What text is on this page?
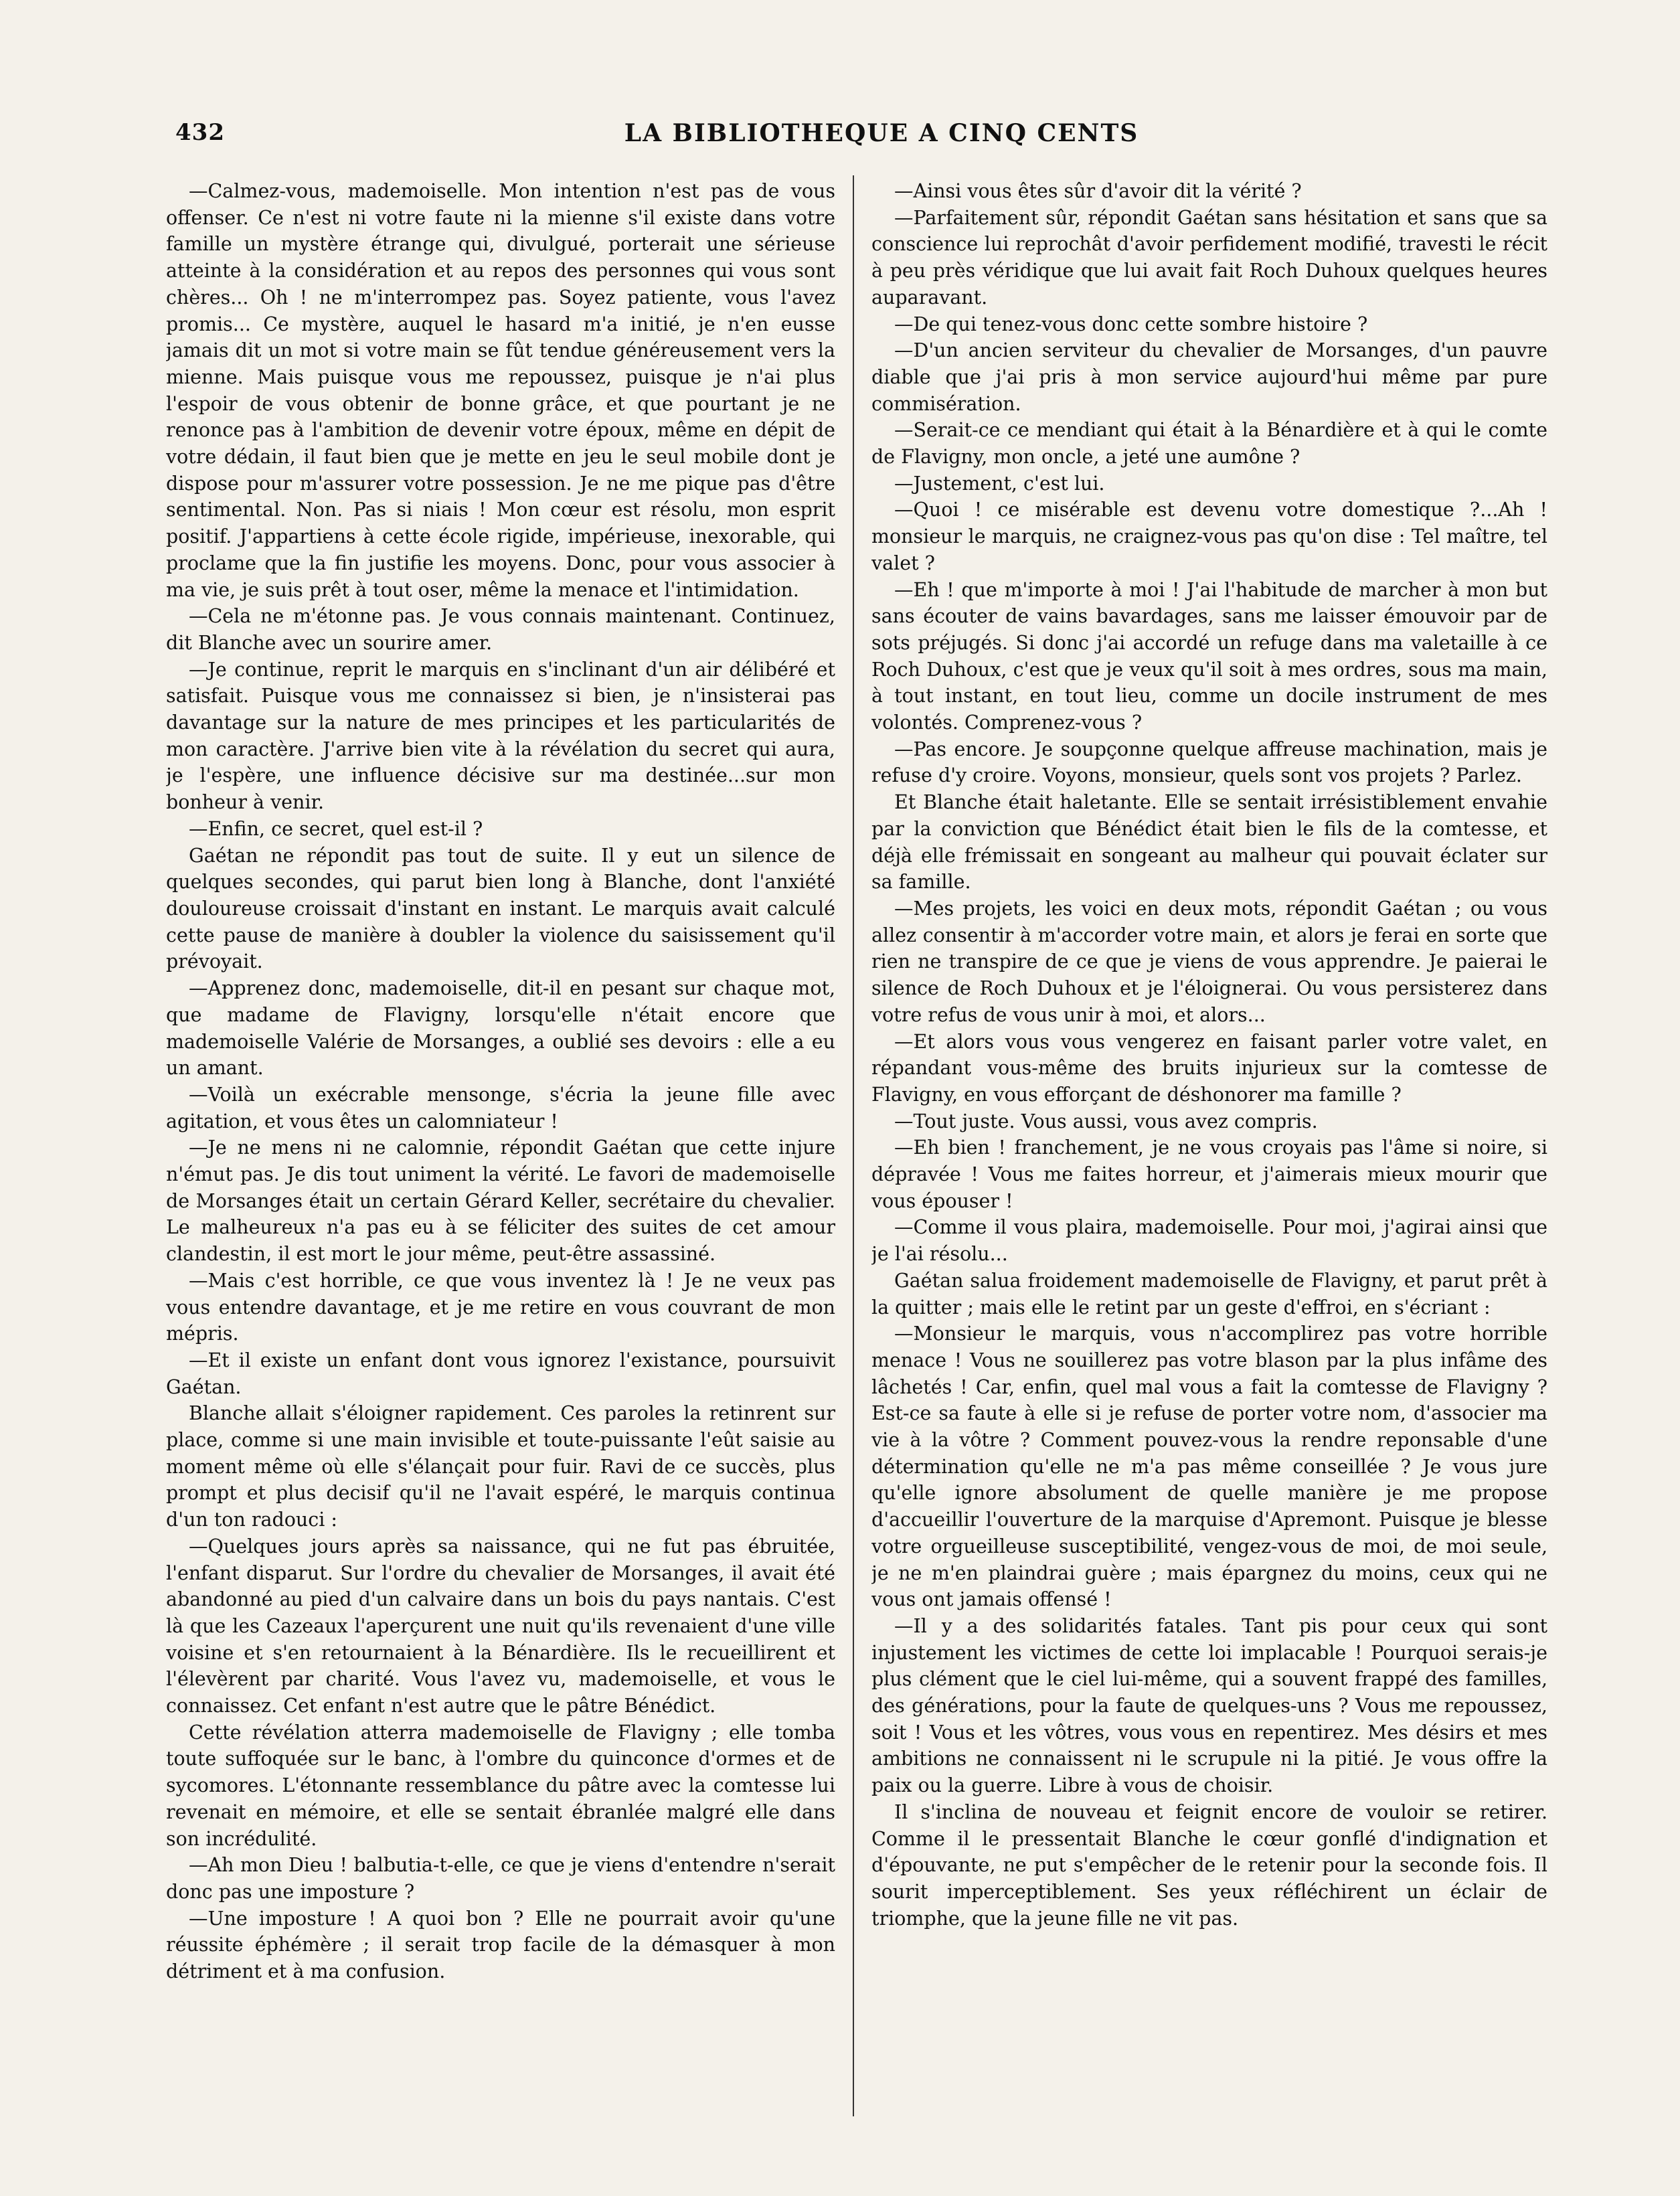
432	LA BIBLIOTHEQUE A CINQ CENTS

—Calmez-vous, mademoiselle. Mon intention n'est pas de vous offenser. Ce n'est ni votre faute ni la mienne s'il existe dans votre famille un mystère étrange qui, divulgué, porterait une sérieuse atteinte à la considération et au repos des personnes qui vous sont chères... Oh ! ne m'interrompez pas. Soyez patiente, vous l'avez promis... Ce mystère, auquel le hasard m'a initié, je n'en eusse jamais dit un mot si votre main se fût tendue généreusement vers la mienne. Mais puisque vous me repoussez, puisque je n'ai plus l'espoir de vous obtenir de bonne grâce, et que pourtant je ne renonce pas à l'ambition de devenir votre époux, même en dépit de votre dédain, il faut bien que je mette en jeu le seul mobile dont je dispose pour m'assurer votre possession. Je ne me pique pas d'être sentimental. Non. Pas si niais ! Mon cœur est résolu, mon esprit positif. J'appartiens à cette école rigide, impérieuse, inexorable, qui proclame que la fin justifie les moyens. Donc, pour vous associer à ma vie, je suis prêt à tout oser, même la menace et l'intimidation.

—Cela ne m'étonne pas. Je vous connais maintenant. Continuez, dit Blanche avec un sourire amer.

—Je continue, reprit le marquis en s'inclinant d'un air délibéré et satisfait. Puisque vous me connaissez si bien, je n'insisterai pas davantage sur la nature de mes principes et les particularités de mon caractère. J'arrive bien vite à la révélation du secret qui aura, je l'espère, une influence décisive sur ma destinée...sur mon bonheur à venir.

—Enfin, ce secret, quel est-il ?

Gaétan ne répondit pas tout de suite. Il y eut un silence de quelques secondes, qui parut bien long à Blanche, dont l'anxiété douloureuse croissait d'instant en instant. Le marquis avait calculé cette pause de manière à doubler la violence du saisissement qu'il prévoyait.

—Apprenez donc, mademoiselle, dit-il en pesant sur chaque mot, que madame de Flavigny, lorsqu'elle n'était encore que mademoiselle Valérie de Morsanges, a oublié ses devoirs : elle a eu un amant.

—Voilà un exécrable mensonge, s'écria la jeune fille avec agitation, et vous êtes un calomniateur !

—Je ne mens ni ne calomnie, répondit Gaétan que cette injure n'émut pas. Je dis tout uniment la vérité. Le favori de mademoiselle de Morsanges était un certain Gérard Keller, secrétaire du chevalier. Le malheureux n'a pas eu à se féliciter des suites de cet amour clandestin, il est mort le jour même, peut-être assassiné.

—Mais c'est horrible, ce que vous inventez là ! Je ne veux pas vous entendre davantage, et je me retire en vous couvrant de mon mépris.

—Et il existe un enfant dont vous ignorez l'existance, poursuivit Gaétan.

Blanche allait s'éloigner rapidement. Ces paroles la retinrent sur place, comme si une main invisible et toute-puissante l'eût saisie au moment même où elle s'élançait pour fuir. Ravi de ce succès, plus prompt et plus decisif qu'il ne l'avait espéré, le marquis continua d'un ton radouci :

—Quelques jours après sa naissance, qui ne fut pas ébruitée, l'enfant disparut. Sur l'ordre du chevalier de Morsanges, il avait été abandonné au pied d'un calvaire dans un bois du pays nantais. C'est là que les Cazeaux l'aperçurent une nuit qu'ils revenaient d'une ville voisine et s'en retournaient à la Bénardière. Ils le recueillirent et l'élevèrent par charité. Vous l'avez vu, mademoiselle, et vous le connaissez. Cet enfant n'est autre que le pâtre Bénédict.

Cette révélation atterra mademoiselle de Flavigny ; elle tomba toute suffoquée sur le banc, à l'ombre du quinconce d'ormes et de sycomores. L'étonnante ressemblance du pâtre avec la comtesse lui revenait en mémoire, et elle se sentait ébranlée malgré elle dans son incrédulité.

—Ah mon Dieu ! balbutia-t-elle, ce que je viens d'entendre n'serait donc pas une imposture ?

—Une imposture ! A quoi bon ? Elle ne pourrait avoir qu'une réussite éphémère ; il serait trop facile de la démasquer à mon détriment et à ma confusion.

—Ainsi vous êtes sûr d'avoir dit la vérité ?

—Parfaitement sûr, répondit Gaétan sans hésitation et sans que sa conscience lui reprochât d'avoir perfidement modifié, travesti le récit à peu près véridique que lui avait fait Roch Duhoux quelques heures auparavant.

—De qui tenez-vous donc cette sombre histoire ?

—D'un ancien serviteur du chevalier de Morsanges, d'un pauvre diable que j'ai pris à mon service aujourd'hui même par pure commisération.

—Serait-ce ce mendiant qui était à la Bénardière et à qui le comte de Flavigny, mon oncle, a jeté une aumône ?

—Justement, c'est lui.

—Quoi ! ce misérable est devenu votre domestique ?...Ah ! monsieur le marquis, ne craignez-vous pas qu'on dise : Tel maître, tel valet ?

—Eh ! que m'importe à moi ! J'ai l'habitude de marcher à mon but sans écouter de vains bavardages, sans me laisser émouvoir par de sots préjugés. Si donc j'ai accordé un refuge dans ma valetaille à ce Roch Duhoux, c'est que je veux qu'il soit à mes ordres, sous ma main, à tout instant, en tout lieu, comme un docile instrument de mes volontés. Comprenez-vous ?

—Pas encore. Je soupçonne quelque affreuse machination, mais je refuse d'y croire. Voyons, monsieur, quels sont vos projets ? Parlez.

Et Blanche était haletante. Elle se sentait irrésistiblement envahie par la conviction que Bénédict était bien le fils de la comtesse, et déjà elle frémissait en songeant au malheur qui pouvait éclater sur sa famille.

—Mes projets, les voici en deux mots, répondit Gaétan ; ou vous allez consentir à m'accorder votre main, et alors je ferai en sorte que rien ne transpire de ce que je viens de vous apprendre. Je paierai le silence de Roch Duhoux et je l'éloignerai. Ou vous persisterez dans votre refus de vous unir à moi, et alors...

—Et alors vous vous vengerez en faisant parler votre valet, en répandant vous-même des bruits injurieux sur la comtesse de Flavigny, en vous efforçant de déshonorer ma famille ?

—Tout juste. Vous aussi, vous avez compris.

—Eh bien ! franchement, je ne vous croyais pas l'âme si noire, si dépravée ! Vous me faites horreur, et j'aimerais mieux mourir que vous épouser !

—Comme il vous plaira, mademoiselle. Pour moi, j'agirai ainsi que je l'ai résolu...

Gaétan salua froidement mademoiselle de Flavigny, et parut prêt à la quitter ; mais elle le retint par un geste d'effroi, en s'écriant :

—Monsieur le marquis, vous n'accomplirez pas votre horrible menace ! Vous ne souillerez pas votre blason par la plus infâme des lâchetés ! Car, enfin, quel mal vous a fait la comtesse de Flavigny ? Est-ce sa faute à elle si je refuse de porter votre nom, d'associer ma vie à la vôtre ? Comment pouvez-vous la rendre reponsable d'une détermination qu'elle ne m'a pas même conseillée ? Je vous jure qu'elle ignore absolument de quelle manière je me propose d'accueillir l'ouverture de la marquise d'Apremont. Puisque je blesse votre orgueilleuse susceptibilité, vengez-vous de moi, de moi seule, je ne m'en plaindrai guère ; mais épargnez du moins, ceux qui ne vous ont jamais offensé !

—Il y a des solidarités fatales. Tant pis pour ceux qui sont injustement les victimes de cette loi implacable ! Pourquoi serais-je plus clément que le ciel lui-même, qui a souvent frappé des familles, des générations, pour la faute de quelques-uns ? Vous me repoussez, soit ! Vous et les vôtres, vous vous en repentirez. Mes désirs et mes ambitions ne connaissent ni le scrupule ni la pitié. Je vous offre la paix ou la guerre. Libre à vous de choisir.

Il s'inclina de nouveau et feignit encore de vouloir se retirer. Comme il le pressentait Blanche le cœur gonflé d'indignation et d'épouvante, ne put s'empêcher de le retenir pour la seconde fois. Il sourit imperceptiblement. Ses yeux réfléchirent un éclair de triomphe, que la jeune fille ne vit pas.
